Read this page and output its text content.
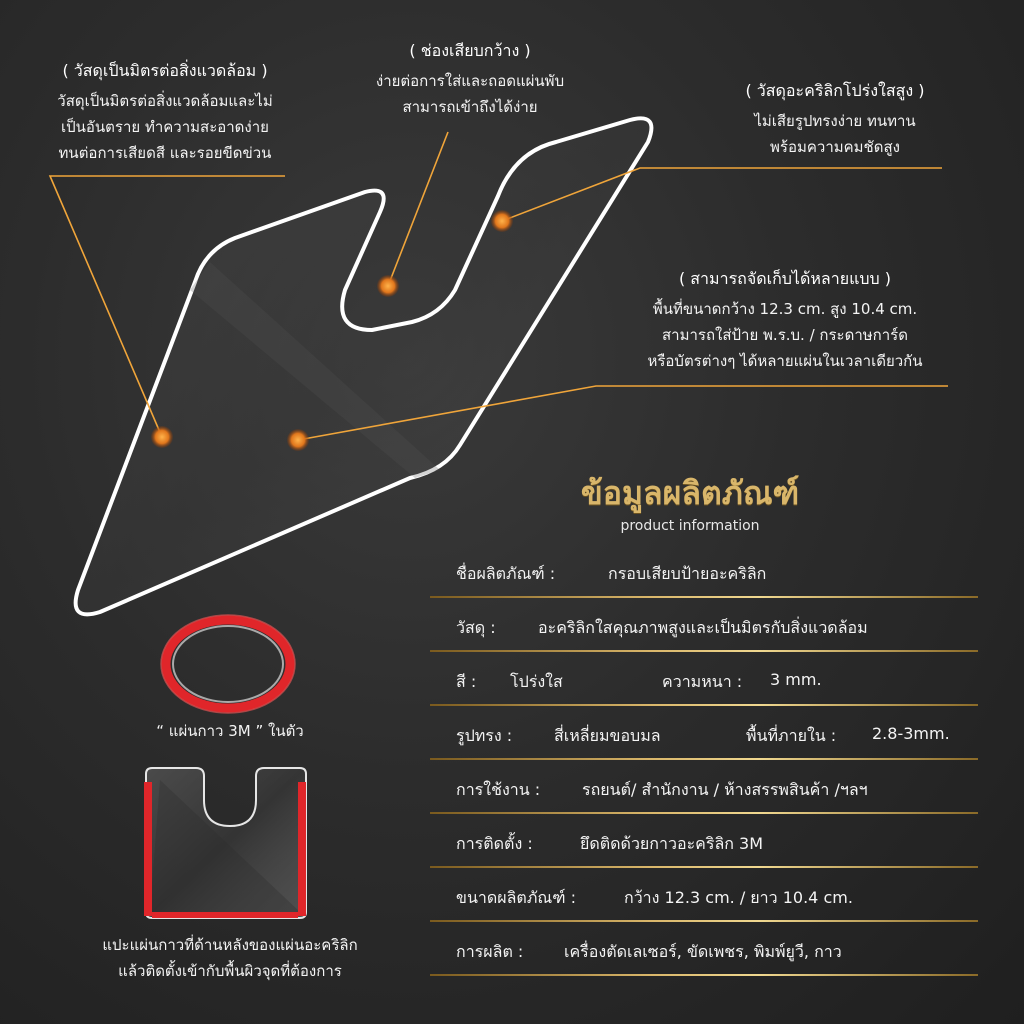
( วัสดุเป็นมิตรต่อสิ่งแวดล้อม )
วัสดุเป็นมิตรต่อสิ่งแวดล้อมและไม่
เป็นอันตราย ทำความสะอาดง่าย
ทนต่อการเสียดสี และรอยขีดข่วน
( ช่องเสียบกว้าง )
ง่ายต่อการใส่และถอดแผ่นพับ
สามารถเข้าถึงได้ง่าย
( วัสดุอะคริลิกโปร่งใสสูง )
ไม่เสียรูปทรงง่าย ทนทาน
พร้อมความคมชัดสูง
( สามารถจัดเก็บได้หลายแบบ )
พื้นที่ขนาดกว้าง 12.3 cm. สูง 10.4 cm.
สามารถใส่ป้าย พ.ร.บ. / กระดาษการ์ด
หรือบัตรต่างๆ ได้หลายแผ่นในเวลาเดียวกัน
“ แผ่นกาว 3M ” ในตัว
แปะแผ่นกาวที่ด้านหลังของแผ่นอะคริลิก
แล้วติดตั้งเข้ากับพื้นผิวจุดที่ต้องการ
ข้อมูลผลิตภัณฑ์
product information
ชื่อผลิตภัณฑ์ :	กรอบเสียบป้ายอะคริลิก
วัสดุ :	อะคริลิกใสคุณภาพสูงและเป็นมิตรกับสิ่งแวดล้อม
สี : โปร่งใส	ความหนา : 3 mm.
รูปทรง :	สี่เหลี่ยมขอบมล	พื้นที่ภายใน : 2.8-3mm.
การใช้งาน :	รถยนต์/ สำนักงาน / ห้างสรรพสินค้า /ฯลฯ
การติดตั้ง :	ยึดติดด้วยกาวอะคริลิก 3M
ขนาดผลิตภัณฑ์ :	กว้าง 12.3 cm. / ยาว 10.4 cm.
การผลิต :	เครื่องตัดเลเซอร์, ขัดเพชร, พิมพ์ยูวี, กาว
